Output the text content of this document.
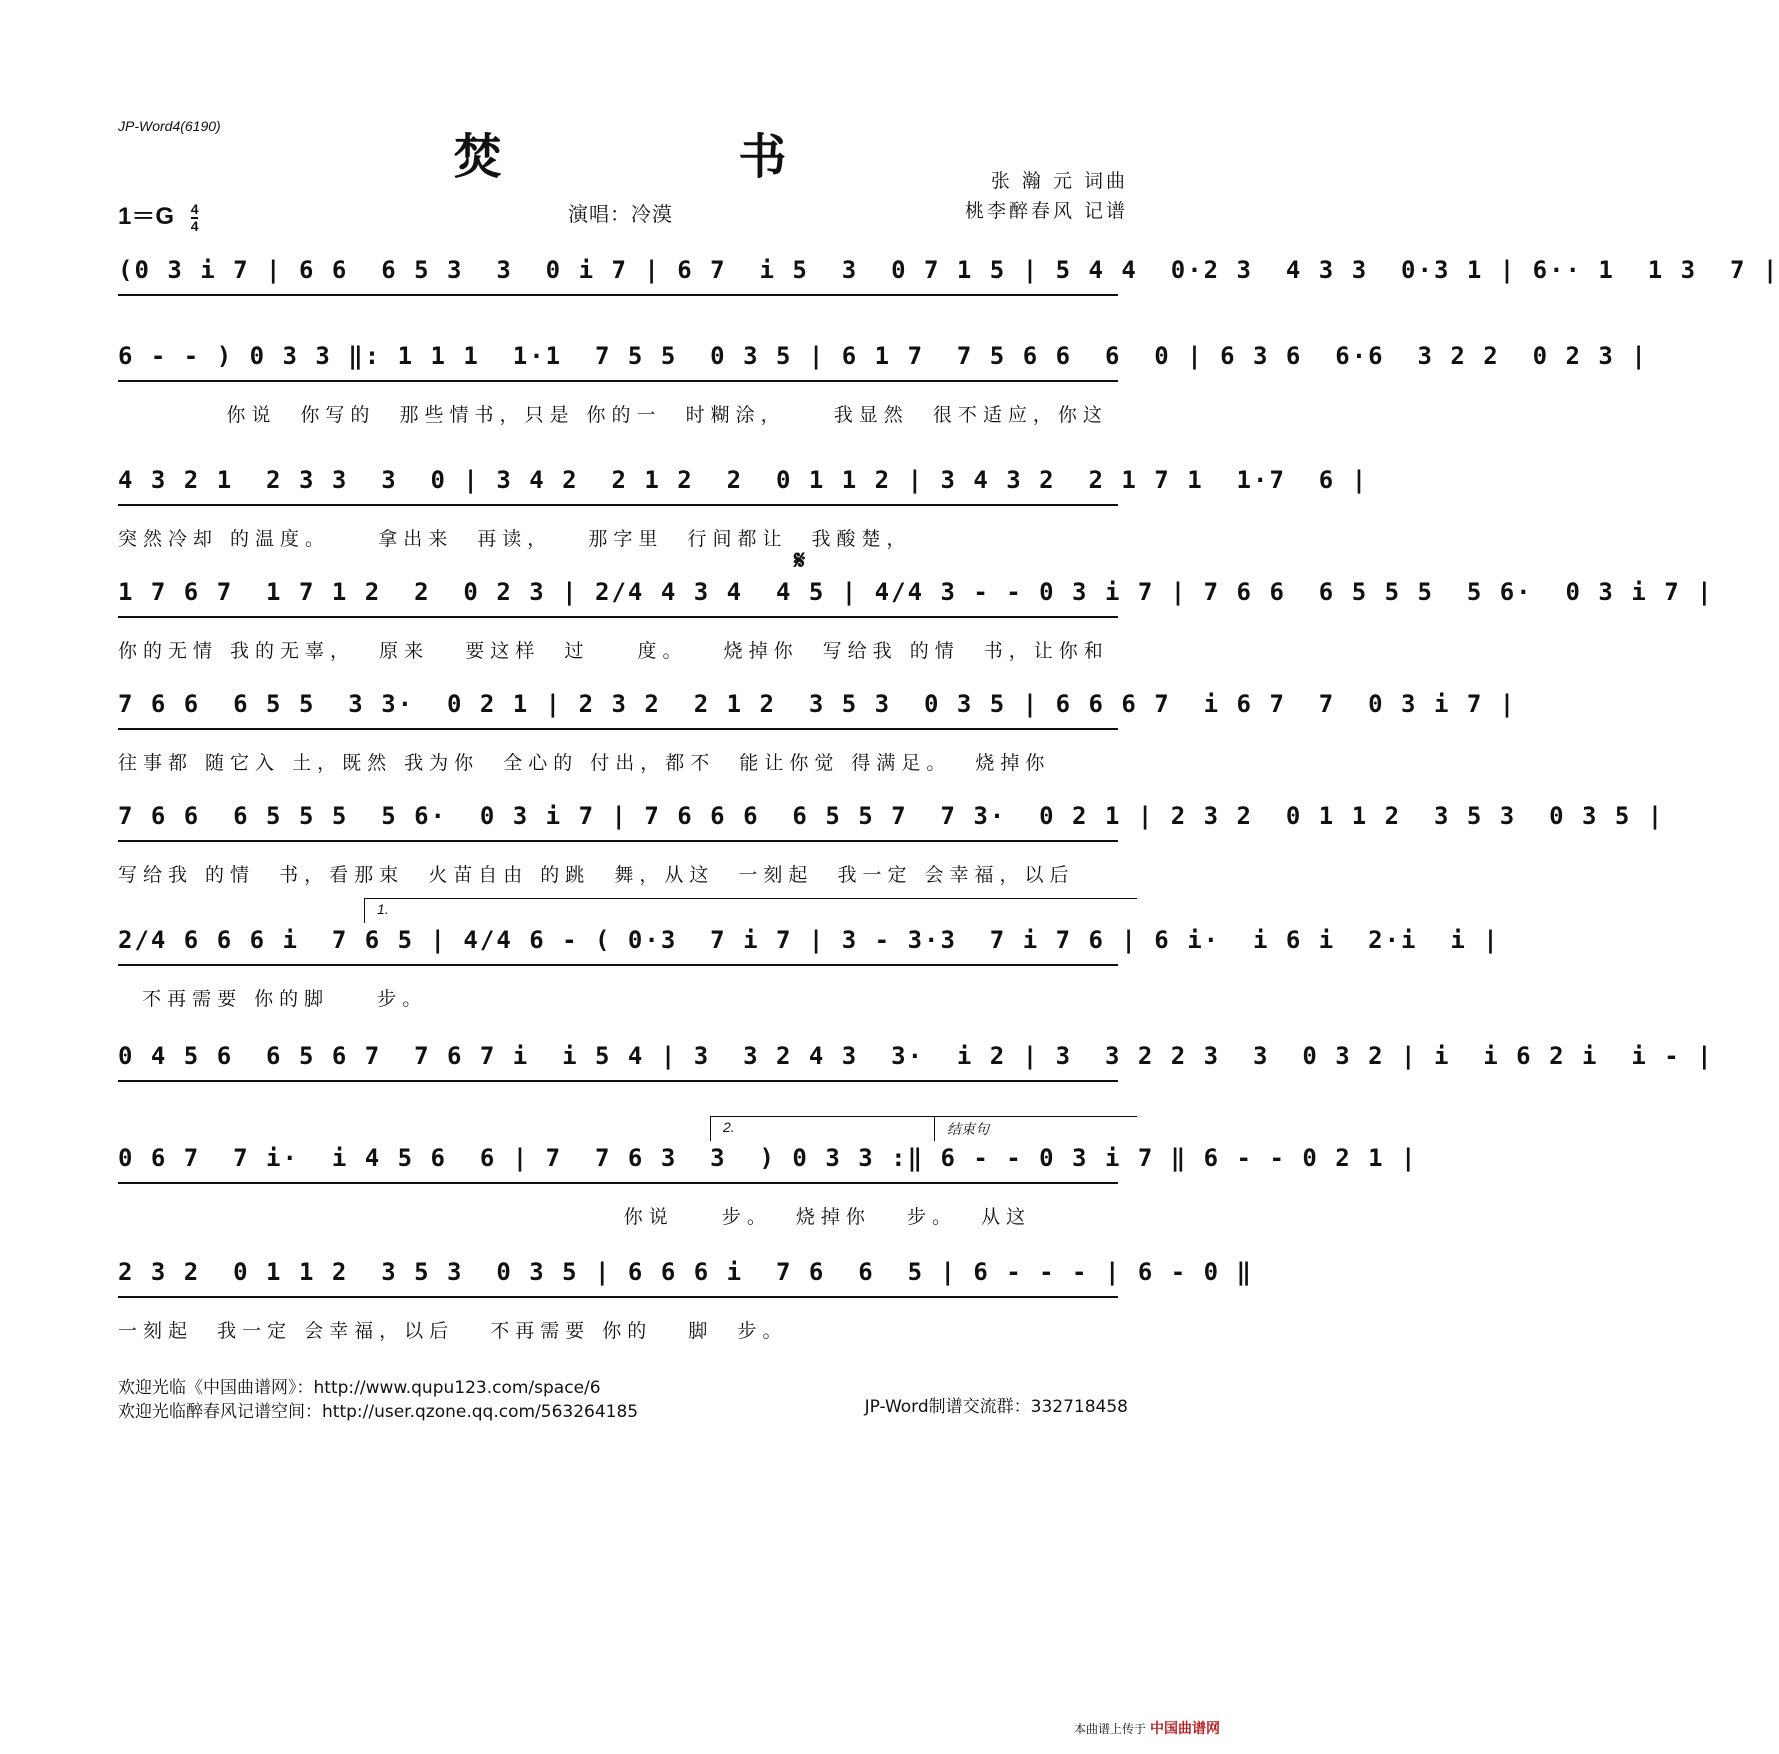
JP-Word4(6190)
焚 书	张 瀚 元 词曲
桃李醉春风 记谱
$1=G \frac{4}{4}$	演唱：冷漠
(0 3 i 7 | 6 6  6 5 3  3  0 i 7 | 6 7  i 5  3  0 7 1 5 | 5 4 4  0·2 3  4 3 3  0·3 1 | 6·· 1  1 3  7 |
6 - - ) 0 3 3 ‖: 1 1 1  1·1  7 5 5  0 3 5 | 6 1 7  7 5 6 6  6  0 | 6 3 6  6·6  3 2 2  0 2 3 |
你说  你写的  那些情书，只是 你的一  时糊涂，    我显然  很不适应，你这
4 3 2 1  2 3 3  3  0 | 3 4 2  2 1 2  2  0 1 1 2 | 3 4 3 2  2 1 7 1  1·7  6 |
突然冷却 的温度。    拿出来  再读，   那字里  行间都让  我酸楚，
𝄋
1 7 6 7  1 7 1 2  2  0 2 3 | 2/4 4 3 4  4 5 | 4/4 3 - - 0 3 i 7 | 7 6 6  6 5 5 5  5 6·  0 3 i 7 |
你的无情 我的无辜，  原来   要这样  过    度。   烧掉你  写给我 的情  书，让你和
7 6 6  6 5 5  3 3·  0 2 1 | 2 3 2  2 1 2  3 5 3  0 3 5 | 6 6 6 7  i 6 7  7  0 3 i 7 |
往事都 随它入 土，既然 我为你  全心的 付出，都不  能让你觉 得满足。  烧掉你
7 6 6  6 5 5 5  5 6·  0 3 i 7 | 7 6 6 6  6 5 5 7  7 3·  0 2 1 | 2 3 2  0 1 1 2  3 5 3  0 3 5 |
写给我 的情  书，看那束  火苗自由 的跳  舞，从这  一刻起  我一定 会幸福，以后
1.
2/4 6 6 6 i  7 6 5 | 4/4 6 - ( 0·3  7 i 7 | 3 - 3·3  7 i 7 6 | 6 i·  i 6 i  2·i  i |
不再需要 你的脚    步。
0 4 5 6  6 5 6 7  7 6 7 i  i 5 4 | 3  3 2 4 3  3·  i 2 | 3  3 2 2 3  3  0 3 2 | i  i 6 2 i  i - |
2.	结束句
0 6 7  7 i·  i 4 5 6  6 | 7  7 6 3  3  ) 0 3 3 :‖ 6 - - 0 3 i 7 ‖ 6 - - 0 2 1 |
你说    步。  烧掉你   步。  从这
2 3 2  0 1 1 2  3 5 3  0 3 5 | 6 6 6 i  7 6  6  5 | 6 - - - | 6 - 0 ‖
一刻起  我一定 会幸福，以后   不再需要 你的   脚  步。
欢迎光临《中国曲谱网》：http://www.qupu123.com/space/6
欢迎光临醉春风记谱空间：http://user.qzone.qq.com/563264185	JP-Word制谱交流群：332718458
本曲谱上传于 中国曲谱网
